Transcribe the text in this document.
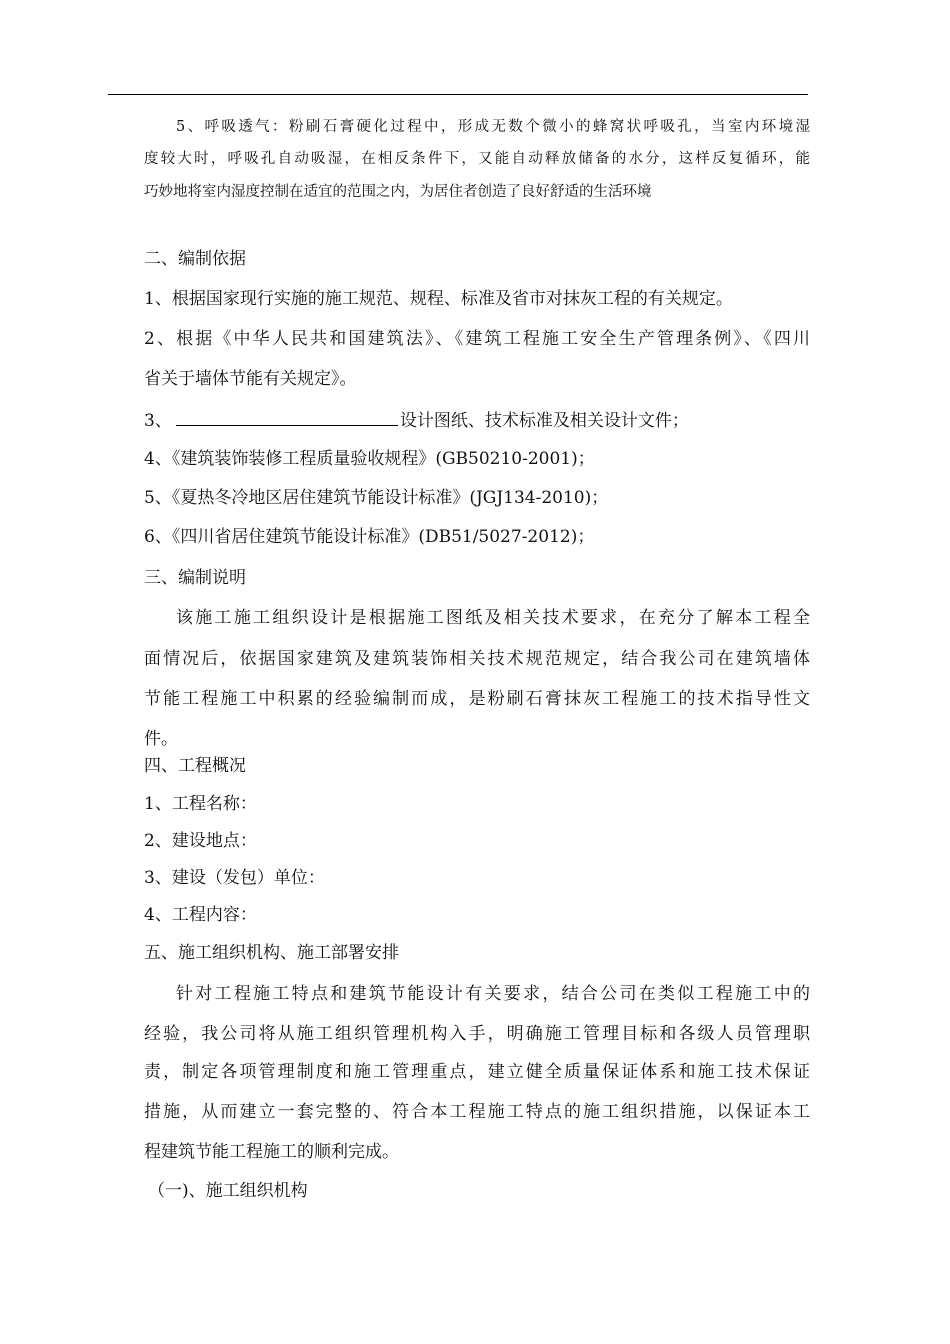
5、呼吸透气：粉刷石膏硬化过程中，形成无数个微小的蜂窝状呼吸孔，当室内环境湿
度较大时，呼吸孔自动吸湿，在相反条件下，又能自动释放储备的水分，这样反复循环，能
巧妙地将室内湿度控制在适宜的范围之内，为居住者创造了良好舒适的生活环境
二、编制依据
1、根据国家现行实施的施工规范、规程、标准及省市对抹灰工程的有关规定。
2、根据《中华人民共和国建筑法》、《建筑工程施工安全生产管理条例》、《四川
省关于墙体节能有关规定》。
3、	设计图纸、技术标准及相关设计文件；
4、《建筑装饰装修工程质量验收规程》(GB50210-2001)；
5、《夏热冬冷地区居住建筑节能设计标准》(JGJ134-2010)；
6、《四川省居住建筑节能设计标准》(DB51/5027-2012)；
三、编制说明
该施工施工组织设计是根据施工图纸及相关技术要求，在充分了解本工程全
面情况后，依据国家建筑及建筑装饰相关技术规范规定，结合我公司在建筑墙体
节能工程施工中积累的经验编制而成，是粉刷石膏抹灰工程施工的技术指导性文
件。
四、工程概况
1、工程名称：
2、建设地点：
3、建设（发包）单位：
4、工程内容：
五、施工组织机构、施工部署安排
针对工程施工特点和建筑节能设计有关要求，结合公司在类似工程施工中的
经验，我公司将从施工组织管理机构入手，明确施工管理目标和各级人员管理职
责，制定各项管理制度和施工管理重点，建立健全质量保证体系和施工技术保证
措施，从而建立一套完整的、符合本工程施工特点的施工组织措施，以保证本工
程建筑节能工程施工的顺利完成。
（一)、施工组织机构
